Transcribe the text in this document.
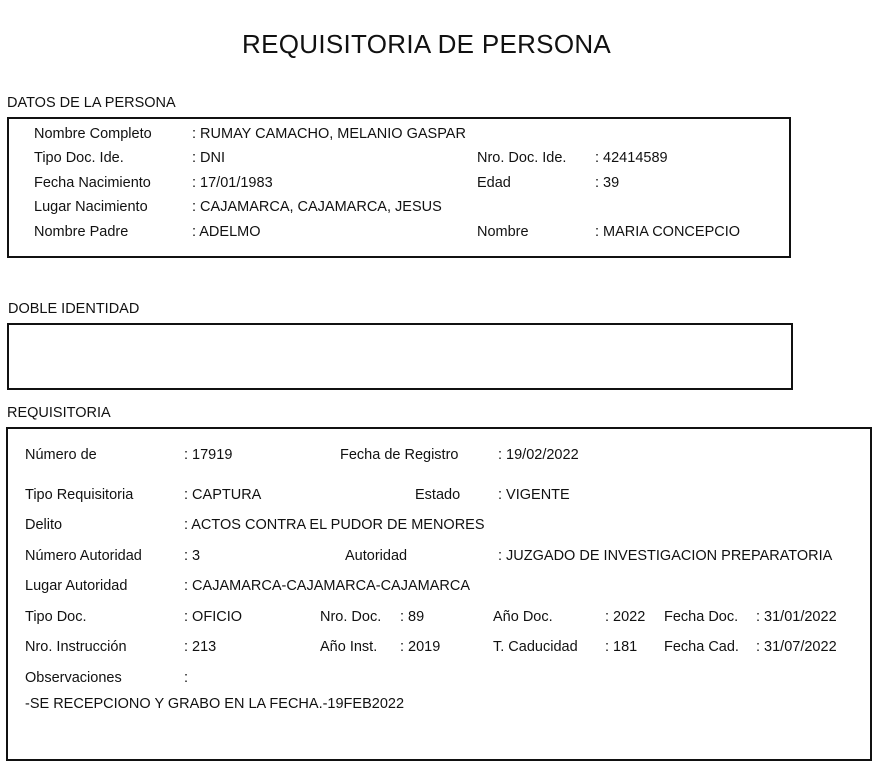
REQUISITORIA DE PERSONA
DATOS DE LA PERSONA
Nombre Completo	: RUMAY CAMACHO, MELANIO GASPAR
Tipo Doc. Ide.	: DNI	Nro. Doc. Ide. : 42414589
Fecha Nacimiento	: 17/01/1983	Edad	: 39
Lugar Nacimiento	: CAJAMARCA, CAJAMARCA, JESUS
Nombre Padre	: ADELMO	Nombre	: MARIA CONCEPCIO
DOBLE IDENTIDAD
REQUISITORIA
Número de	: 17919	Fecha de Registro	: 19/02/2022
Tipo Requisitoria	: CAPTURA	Estado	: VIGENTE
Delito	: ACTOS CONTRA EL PUDOR DE MENORES
Número Autoridad	: 3	Autoridad	: JUZGADO DE INVESTIGACION PREPARATORIA
Lugar Autoridad	: CAJAMARCA-CAJAMARCA-CAJAMARCA
Tipo Doc.	: OFICIO	Nro. Doc. : 89	Año Doc.	: 2022 Fecha Doc. : 31/01/2022
Nro. Instrucción	: 213	Año Inst. : 2019	T. Caducidad : 181 Fecha Cad. : 31/07/2022
Observaciones	:
-SE RECEPCIONO Y GRABO EN LA FECHA.-19FEB2022
